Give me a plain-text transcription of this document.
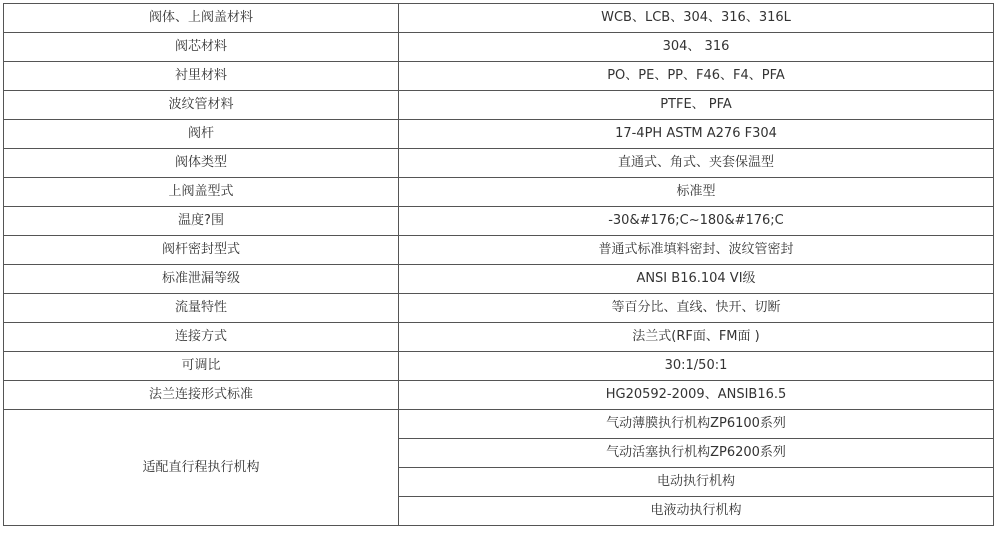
阀体、上阀盖材料	WCB、LCB、304、316、316L
阀芯材料	304、 316
衬里材料	PO、PE、PP、F46、F4、PFA
波纹管材料	PTFE、 PFA
阀杆	17-4PH ASTM A276 F304
阀体类型	直通式、角式、夹套保温型
上阀盖型式	标准型
温度?围	-30&#176;C~180&#176;C
阀杆密封型式	普通式标准填料密封、波纹管密封
标准泄漏等级	ANSI B16.104 VI级
流量特性	等百分比、直线、快开、切断
连接方式	法兰式(RF面、FM面 )
可调比	30:1/50:1
法兰连接形式标准	HG20592-2009、ANSIB16.5
适配直行程执行机构	气动薄膜执行机构ZP6100系列
	气动活塞执行机构ZP6200系列
	电动执行机构
	电液动执行机构
